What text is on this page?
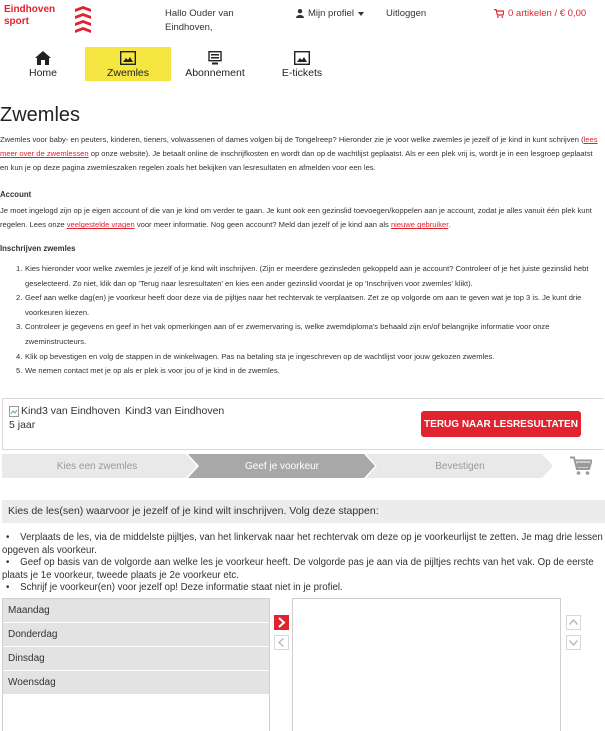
Eindhoven
sport
Hallo Ouder van Eindhoven,
Mijn profiel	Uitloggen	0 artikelen / € 0,00
Home	Zwemles	Abonnement	E-tickets
Zwemles
Zwemles voor baby- en peuters, kinderen, tieners, volwassenen of dames volgen bij de Tongelreep? Hieronder zie je voor welke zwemles je jezelf of je kind in kunt schrijven (lees meer over de zwemlessen op onze website). Je betaalt online de inschrijfkosten en wordt dan op de wachtlijst geplaatst. Als er een plek vrij is, wordt je in een lesgroep geplaatst en kun je op deze pagina zwemleszaken regelen zoals het bekijken van lesresultaten en afmelden voor een les.
Account
Je moet ingelogd zijn op je eigen account of die van je kind om verder te gaan. Je kunt ook een gezinslid toevoegen/koppelen aan je account, zodat je alles vanuit één plek kunt regelen. Lees onze veelgestelde vragen voor meer informatie. Nog geen account? Meld dan jezelf of je kind aan als nieuwe gebruiker.
Inschrijven zwemles
1. Kies hieronder voor welke zwemles je jezelf of je kind wilt inschrijven. (Zijn er meerdere gezinsleden gekoppeld aan je account? Controleer of je het juiste gezinslid hebt geselecteerd. Zo niet, klik dan op 'Terug naar lesresultaten' en kies een ander gezinslid voordat je op 'Inschrijven voor zwemles' klikt).
2. Geef aan welke dag(en) je voorkeur heeft door deze via de pijltjes naar het rechtervak te verplaatsen. Zet ze op volgorde om aan te geven wat je top 3 is. Je kunt drie voorkeuren kiezen.
3. Controleer je gegevens en geef in het vak opmerkingen aan of er zwemervaring is, welke zwemdiploma's behaald zijn en/of belangrijke informatie voor onze zweminstructeurs.
4. Klik op bevestigen en volg de stappen in de winkelwagen. Pas na betaling sta je ingeschreven op de wachtlijst voor jouw gekozen zwemles.
5. We nemen contact met je op als er plek is voor jou of je kind in de zwemles.
Kind3 van Eindhoven Kind3 van Eindhoven
5 jaar	TERUG NAAR LESRESULTATEN
Kies een zwemles	Geef je voorkeur	Bevestigen
Kies de les(sen) waarvoor je jezelf of je kind wilt inschrijven. Volg deze stappen:

•    Verplaats de les, via de middelste pijltjes, van het linkervak naar het rechtervak om deze op je voorkeurlijst te zetten. Je mag drie lessen opgeven als voorkeur.

•    Geef op basis van de volgorde aan welke les je voorkeur heeft. De volgorde pas je aan via de pijltjes rechts van het vak. Op de eerste plaats je 1e voorkeur, tweede plaats je 2e voorkeur etc.

•    Schrijf je voorkeur(en) voor jezelf op! Deze informatie staat niet in je profiel.

Maandag
Donderdag
Dinsdag
Woensdag
